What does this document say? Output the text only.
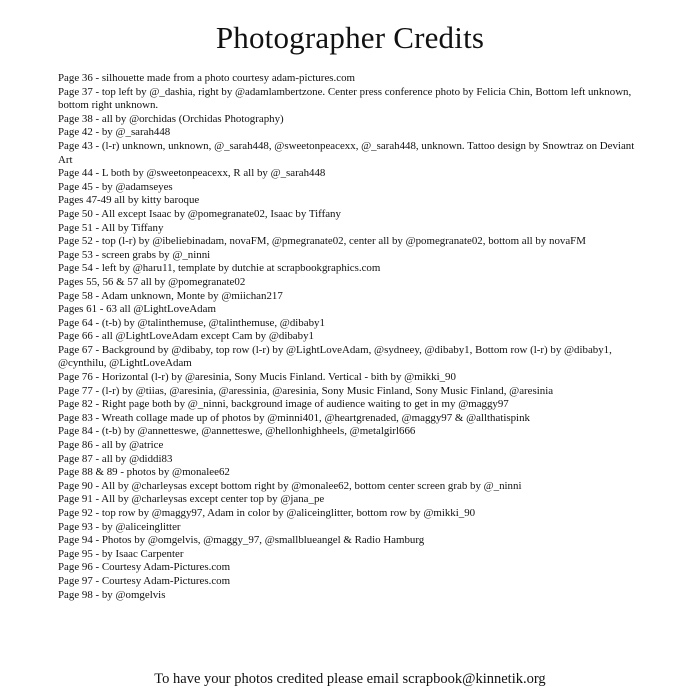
Photographer Credits
Page 36 - silhouette made from a photo courtesy adam-pictures.com
Page 37 - top left by @_dashia, right by @adamlambertzone. Center press conference photo by Felicia Chin, Bottom left unknown, bottom right unknown.
Page 38 - all by @orchidas (Orchidas Photography)
Page 42 - by @_sarah448
Page 43 - (l-r) unknown, unknown, @_sarah448, @sweetonpeacexx, @_sarah448, unknown. Tattoo design by Snowtraz on Deviant Art
Page 44 - L both by @sweetonpeacexx, R all by @_sarah448
Page 45 - by @adamseyes
Pages 47-49 all by kitty baroque
Page 50 - All except Isaac by @pomegranate02, Isaac by Tiffany
Page 51 - All by Tiffany
Page 52 - top (l-r) by @ibeliebinadam, novaFM, @pmegranate02, center all by @pomegranate02, bottom all by novaFM
Page 53 - screen grabs by @_ninni
Page 54 - left by @haru11, template by dutchie at scrapbookgraphics.com
Pages 55, 56 & 57 all by @pomegranate02
Page 58 - Adam unknown, Monte by @miichan217
Pages 61 - 63 all @LightLoveAdam
Page 64 - (t-b) by @talinthemuse, @talinthemuse, @dibaby1
Page 66 - all @LightLoveAdam except Cam by @dibaby1
Page 67 - Background by @dibaby, top row (l-r) by @LightLoveAdam, @sydneey, @dibaby1, Bottom row (l-r) by @dibaby1, @cynthilu, @LightLoveAdam
Page 76 - Horizontal (l-r) by @aresinia, Sony Mucis Finland. Vertical - bith by @mikki_90
Page 77 - (l-r) by @tiias, @aresinia, @aressinia, @aresinia, Sony Music Finland, Sony Music Finland, @aresinia
Page 82 - Right page both by @_ninni, background image of audience waiting to get in my @maggy97
Page 83 - Wreath collage made up of photos by @minni401, @heartgrenaded, @maggy97 & @allthatispink
Page 84 - (t-b) by @annetteswe, @annetteswe, @hellonhighheels, @metalgirl666
Page 86 - all by @atrice
Page 87 - all by @diddi83
Page 88 & 89 - photos by @monalee62
Page 90 - All by @charleysas except bottom right by @monalee62, bottom center screen grab by @_ninni
Page 91 - All by @charleysas except center top by @jana_pe
Page 92 - top row by @maggy97, Adam in color by @aliceinglitter, bottom row by @mikki_90
Page 93 - by @aliceinglitter
Page 94 - Photos by @omgelvis, @maggy_97, @smallblueangel & Radio Hamburg
Page 95 - by Isaac Carpenter
Page 96 - Courtesy Adam-Pictures.com
Page 97 - Courtesy Adam-Pictures.com
Page 98 - by @omgelvis
To have your photos credited please email scrapbook@kinnetik.org
